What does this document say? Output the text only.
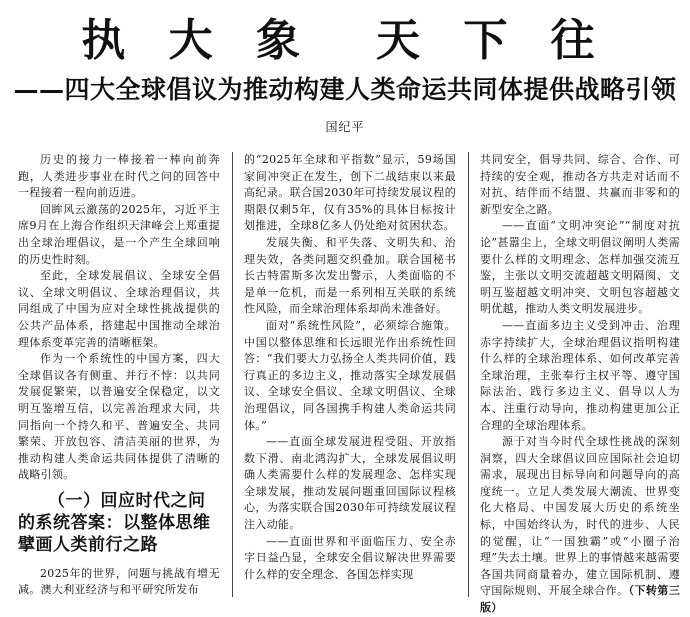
执 大 象 天 下 往
——四大全球倡议为推动构建人类命运共同体提供战略引领
国纪平

历史的接力一棒接着一棒向前奔跑，人类进步事业在时代之问的回答中一程接着一程向前迈进。

回眸风云激荡的2025年，习近平主席9月在上海合作组织天津峰会上郑重提出全球治理倡议，是一个产生全球回响的历史性时刻。

至此，全球发展倡议、全球安全倡议、全球文明倡议、全球治理倡议，共同组成了中国为应对全球性挑战提供的公共产品体系，搭建起中国推动全球治理体系变革完善的清晰框架。

作为一个系统性的中国方案，四大全球倡议各有侧重、并行不悖：以共同发展促繁荣，以普遍安全保稳定，以文明互鉴增互信，以完善治理求大同，共同指向一个持久和平、普遍安全、共同繁荣、开放包容、清洁美丽的世界，为推动构建人类命运共同体提供了清晰的战略引领。

（一）回应时代之问
的系统答案：以整体思维
擘画人类前行之路

2025年的世界，问题与挑战有增无减。澳大利亚经济与和平研究所发布

的“2025年全球和平指数”显示，59场国家间冲突正在发生，创下二战结束以来最高纪录。联合国2030年可持续发展议程的期限仅剩5年，仅有35%的具体目标按计划推进，全球8亿多人仍处绝对贫困状态。

发展失衡、和平失落、文明失和、治理失效，各类问题交织叠加。联合国秘书长古特雷斯多次发出警示，人类面临的不是单一危机，而是一系列相互关联的系统性风险，而全球治理体系却尚未准备好。

面对“系统性风险”，必须综合施策。中国以整体思维和长远眼光作出系统性回答：“我们要大力弘扬全人类共同价值，践行真正的多边主义，推动落实全球发展倡议、全球安全倡议、全球文明倡议、全球治理倡议，同各国携手构建人类命运共同体。”

——直面全球发展进程受阻、开放指数下滑、南北鸿沟扩大，全球发展倡议明确人类需要什么样的发展理念、怎样实现全球发展，推动发展问题重回国际议程核心，为落实联合国2030年可持续发展议程注入动能。

——直面世界和平面临压力、安全赤字日益凸显，全球安全倡议解决世界需要什么样的安全理念、各国怎样实现

共同安全，倡导共同、综合、合作、可持续的安全观，推动各方共走对话而不对抗、结伴而不结盟、共赢而非零和的新型安全之路。

——直面“文明冲突论”“制度对抗论”甚嚣尘上，全球文明倡议阐明人类需要什么样的文明理念、怎样加强交流互鉴，主张以文明交流超越文明隔阂、文明互鉴超越文明冲突、文明包容超越文明优越，推动人类文明发展进步。

——直面多边主义受到冲击、治理赤字持续扩大，全球治理倡议指明构建什么样的全球治理体系、如何改革完善全球治理，主张奉行主权平等、遵守国际法治、践行多边主义、倡导以人为本、注重行动导向，推动构建更加公正合理的全球治理体系。

源于对当今时代全球性挑战的深刻洞察，四大全球倡议回应国际社会迫切需求，展现出目标导向和问题导向的高度统一。立足人类发展大潮流、世界变化大格局、中国发展大历史的系统坐标，中国始终认为，时代的进步、人民的觉醒，让“一国独霸”或“小圈子治理”失去土壤。世界上的事情越来越需要各国共同商量着办，建立国际机制、遵守国际规则、开展全球合作。（下转第三版）
